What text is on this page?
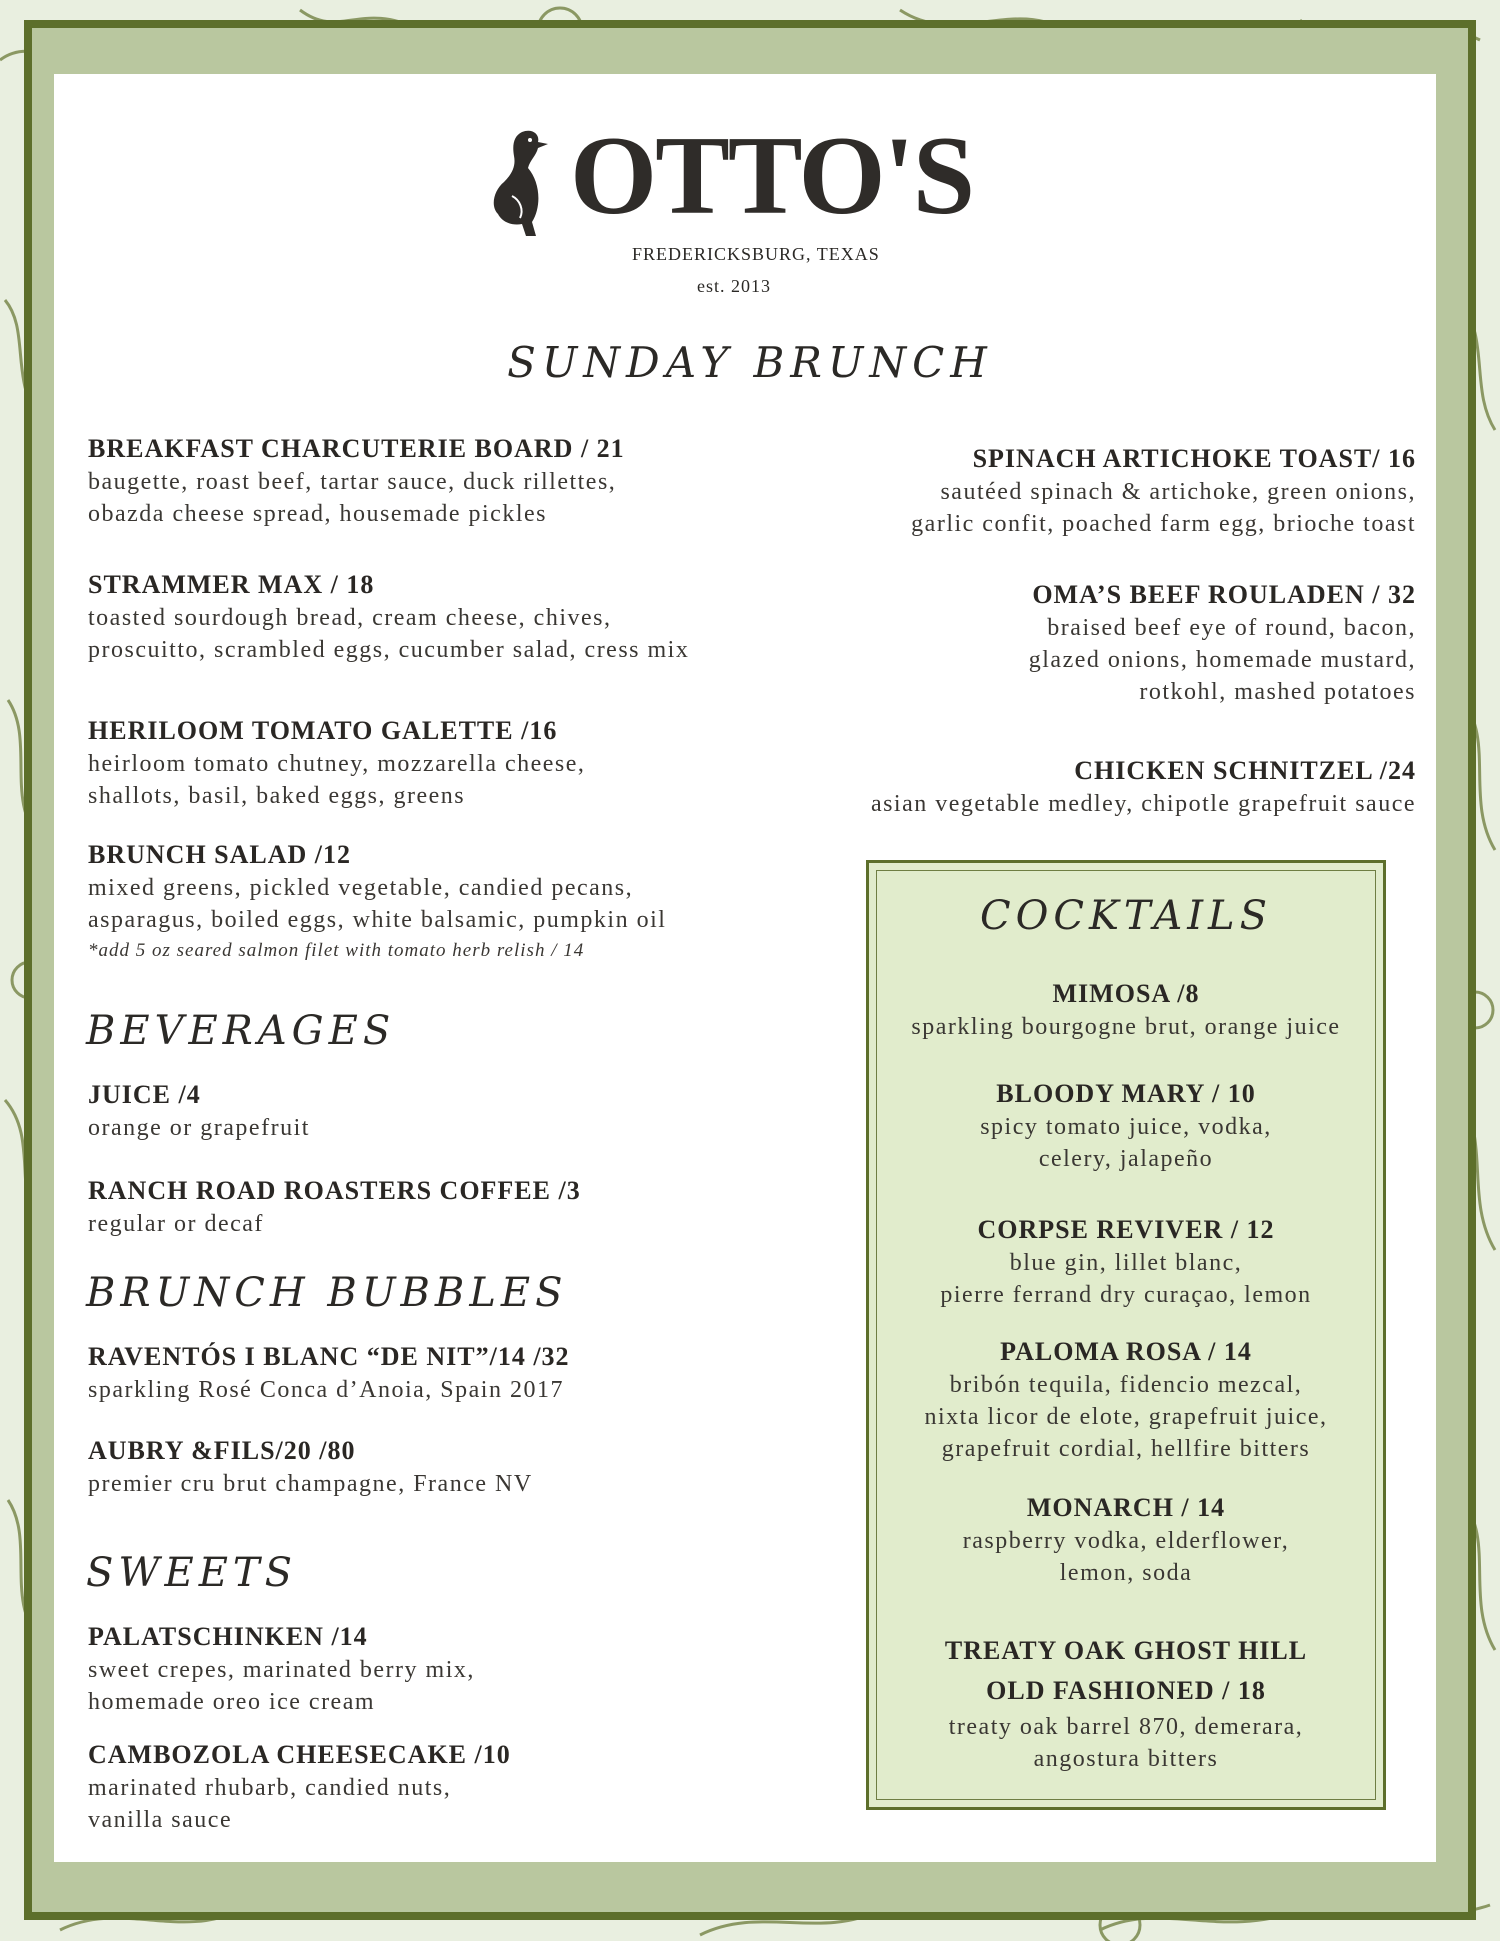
OTTO'S
FREDERICKSBURG, TEXAS
est. 2013
SUNDAY BRUNCH
BREAKFAST CHARCUTERIE BOARD / 21
baugette, roast beef, tartar sauce, duck rillettes,
obazda cheese spread, housemade pickles
STRAMMER MAX / 18
toasted sourdough bread, cream cheese, chives,
proscuitto, scrambled eggs, cucumber salad, cress mix
HERILOOM TOMATO GALETTE /16
heirloom tomato chutney, mozzarella cheese,
shallots, basil, baked eggs, greens
BRUNCH SALAD /12
mixed greens, pickled vegetable, candied pecans,
asparagus, boiled eggs, white balsamic, pumpkin oil
*add 5 oz seared salmon filet with tomato herb relish / 14
SPINACH ARTICHOKE TOAST/ 16
sautéed spinach & artichoke, green onions,
garlic confit, poached farm egg, brioche toast
OMA’S BEEF ROULADEN / 32
braised beef eye of round, bacon,
glazed onions, homemade mustard,
rotkohl, mashed potatoes
CHICKEN SCHNITZEL /24
asian vegetable medley, chipotle grapefruit sauce
BEVERAGES
JUICE /4
orange or grapefruit
RANCH ROAD ROASTERS COFFEE /3
regular or decaf
BRUNCH BUBBLES
RAVENTÓS I BLANC “DE NIT”/14 /32
sparkling Rosé Conca d’Anoia, Spain 2017
AUBRY &FILS/20 /80
premier cru brut champagne, France NV
SWEETS
PALATSCHINKEN /14
sweet crepes, marinated berry mix,
homemade oreo ice cream
CAMBOZOLA CHEESECAKE /10
marinated rhubarb, candied nuts,
vanilla sauce
COCKTAILS
MIMOSA /8
sparkling bourgogne brut, orange juice
BLOODY MARY / 10
spicy tomato juice, vodka,
celery, jalapeño
CORPSE REVIVER / 12
blue gin, lillet blanc,
pierre ferrand dry curaçao, lemon
PALOMA ROSA / 14
bribón tequila, fidencio mezcal,
nixta licor de elote, grapefruit juice,
grapefruit cordial, hellfire bitters
MONARCH / 14
raspberry vodka, elderflower,
lemon, soda
TREATY OAK GHOST HILL
OLD FASHIONED / 18
treaty oak barrel 870, demerara,
angostura bitters
